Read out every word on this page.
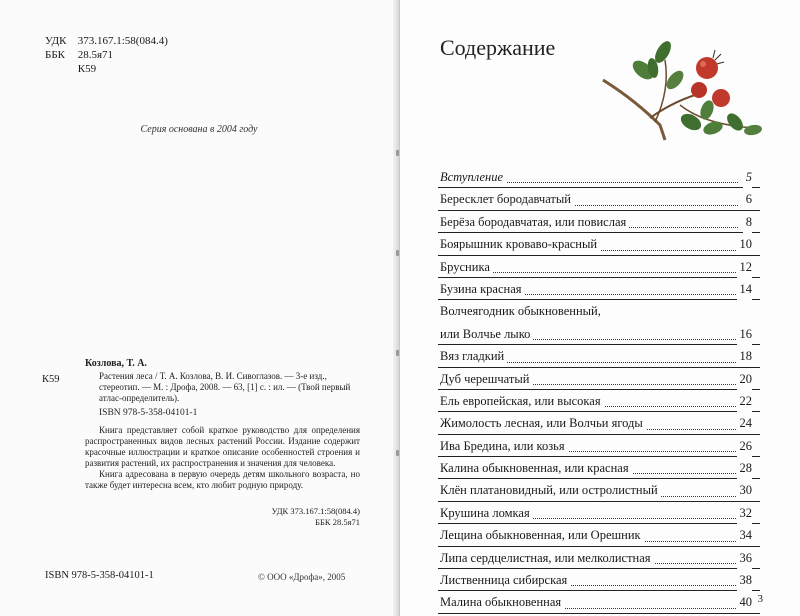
УДК 373.167.1:58(084.4)
ББК 28.5я71
К59
Серия основана в 2004 году
К59
Козлова, Т. А.
Растения леса / Т. А. Козлова, В. И. Сивоглазов. — 3-е изд., стереотип. — М. : Дрофа, 2008. — 63, [1] с. : ил. — (Твой первый атлас-определитель).
ISBN 978-5-358-04101-1

Книга представляет собой краткое руководство для определения распространенных видов лесных растений России. Издание содержит красочные иллюстрации и краткое описание особенностей строения и развития растений, их распространения и значения для человека.

Книга адресована в первую очередь детям школьного возраста, но также будет интересна всем, кто любит родную природу.

УДК 373.167.1:58(084.4)
ББК 28.5я71
ISBN 978-5-358-04101-1	© ООО «Дрофа», 2005
Содержание
Вступление	5
Бересклет бородавчатый	6
Берёза бородавчатая, или повислая	8
Боярышник кроваво-красный	10
Брусника	12
Бузина красная	14
Волчеягодник обыкновенный,
или Волчье лыко	16
Вяз гладкий	18
Дуб черешчатый	20
Ель европейская, или высокая	22
Жимолость лесная, или Волчьи ягоды	24
Ива Бредина, или козья	26
Калина обыкновенная, или красная	28
Клён платановидный, или остролистный	30
Крушина ломкая	32
Лещина обыкновенная, или Орешник	34
Липа сердцелистная, или мелколистная	36
Лиственница сибирская	38
Малина обыкновенная	40 3
